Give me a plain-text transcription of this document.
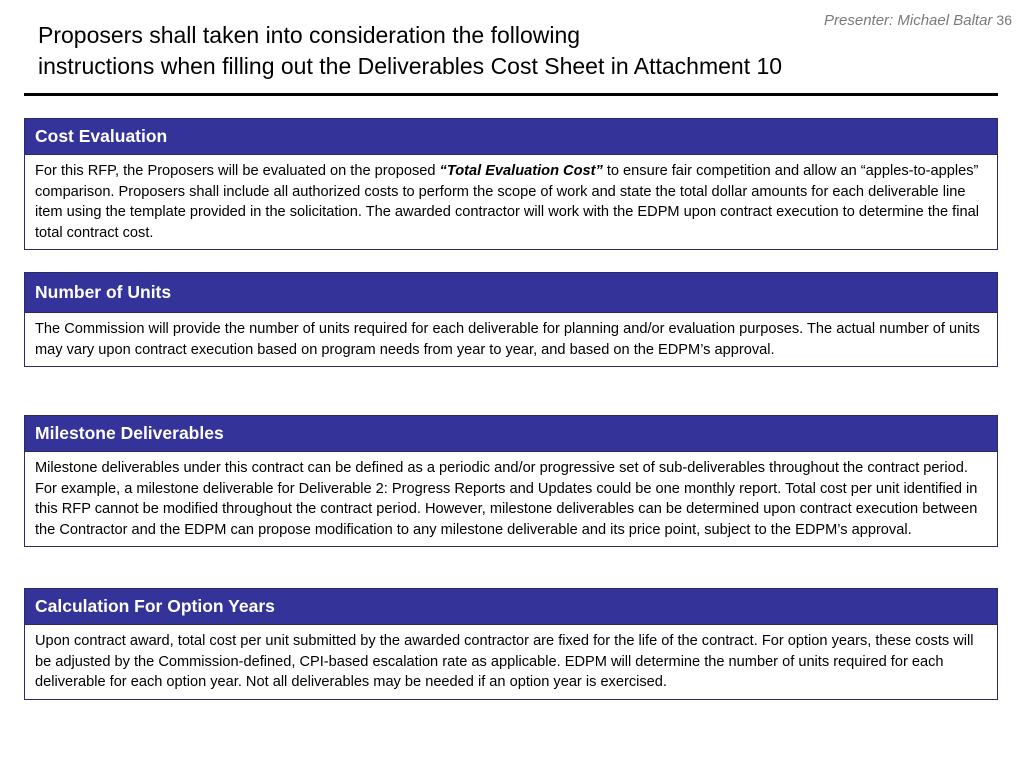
Presenter: Michael Baltar 36
Proposers shall taken into consideration the following
instructions when filling out the Deliverables Cost Sheet in Attachment 10
Cost Evaluation
For this RFP, the Proposers will be evaluated on the proposed “Total Evaluation Cost” to ensure fair competition and allow an “apples-to-apples” comparison. Proposers shall include all authorized costs to perform the scope of work and state the total dollar amounts for each deliverable line item using the template provided in the solicitation. The awarded contractor will work with the EDPM upon contract execution to determine the final total contract cost.
Number of Units
The Commission will provide the number of units required for each deliverable for planning and/or evaluation purposes. The actual number of units may vary upon contract execution based on program needs from year to year, and based on the EDPM’s approval.
Milestone Deliverables
Milestone deliverables under this contract can be defined as a periodic and/or progressive set of sub-deliverables throughout the contract period. For example, a milestone deliverable for Deliverable 2: Progress Reports and Updates could be one monthly report. Total cost per unit identified in this RFP cannot be modified throughout the contract period. However, milestone deliverables can be determined upon contract execution between the Contractor and the EDPM can propose modification to any milestone deliverable and its price point, subject to the EDPM’s approval.
Calculation For Option Years
Upon contract award, total cost per unit submitted by the awarded contractor are fixed for the life of the contract. For option years, these costs will be adjusted by the Commission-defined, CPI-based escalation rate as applicable. EDPM will determine the number of units required for each deliverable for each option year. Not all deliverables may be needed if an option year is exercised.
